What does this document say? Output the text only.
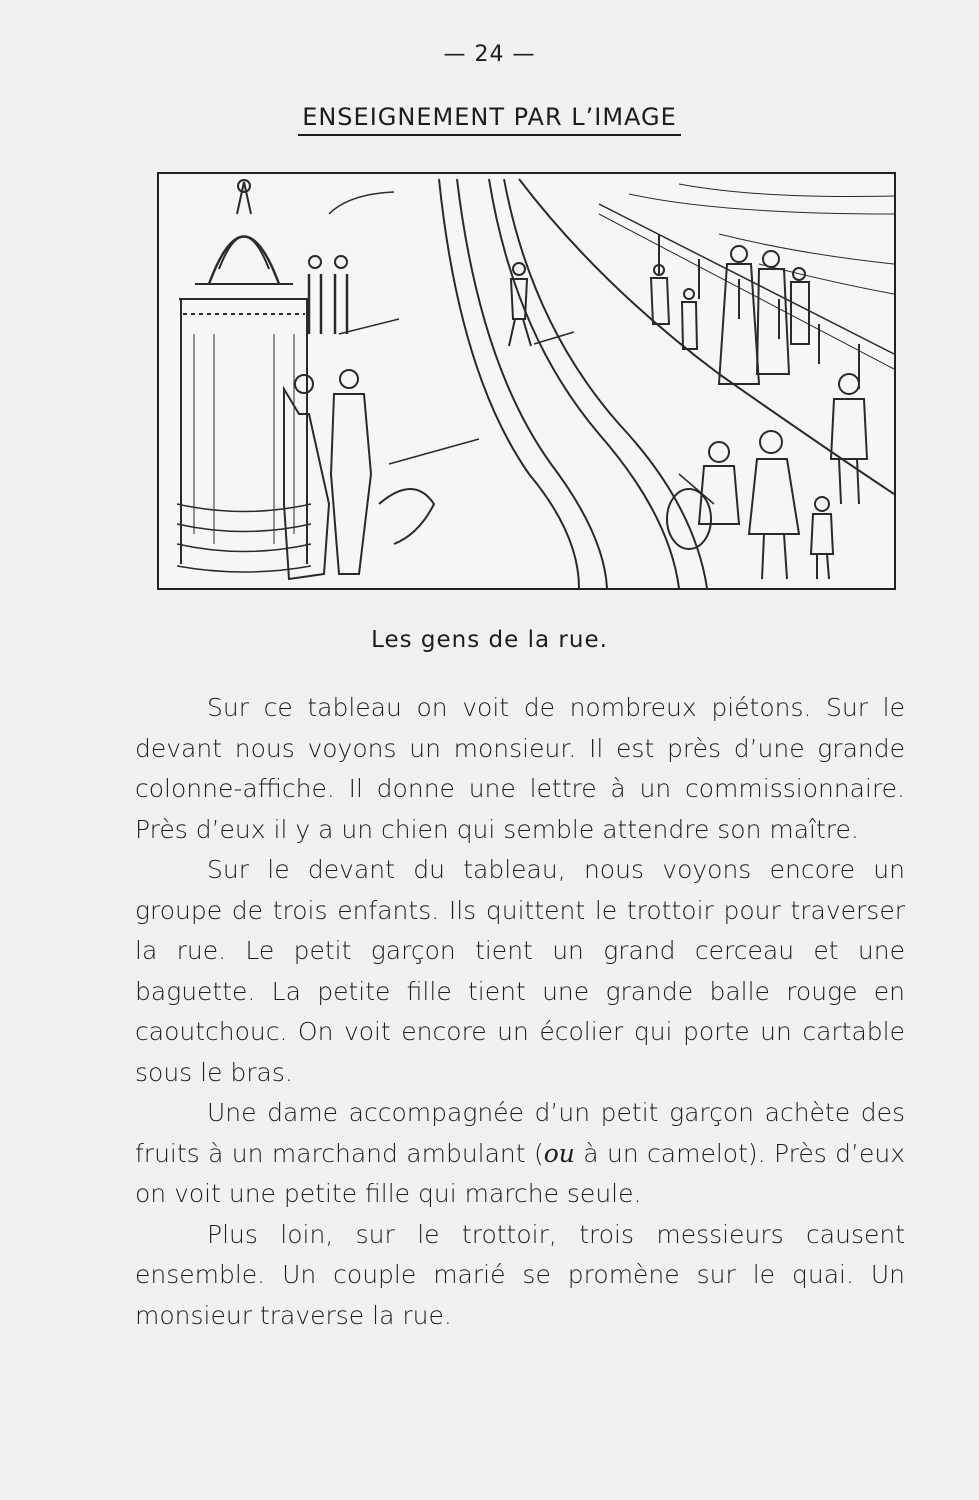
— 24 —
ENSEIGNEMENT PAR L’IMAGE
Les gens de la rue.

Sur ce tableau on voit de nombreux piétons. Sur le devant nous voyons un monsieur. Il est près d’une grande colonne-affiche. Il donne une lettre à un commissionnaire. Près d’eux il y a un chien qui semble attendre son maître.

Sur le devant du tableau, nous voyons encore un groupe de trois enfants. Ils quittent le trottoir pour traverser la rue. Le petit garçon tient un grand cerceau et une baguette. La petite fille tient une grande balle rouge en caoutchouc. On voit encore un écolier qui porte un cartable sous le bras.

Une dame accompagnée d’un petit garçon achète des fruits à un marchand ambulant (ou à un camelot). Près d’eux on voit une petite fille qui marche seule.

Plus loin, sur le trottoir, trois messieurs causent ensemble. Un couple marié se promène sur le quai. Un monsieur traverse la rue.
